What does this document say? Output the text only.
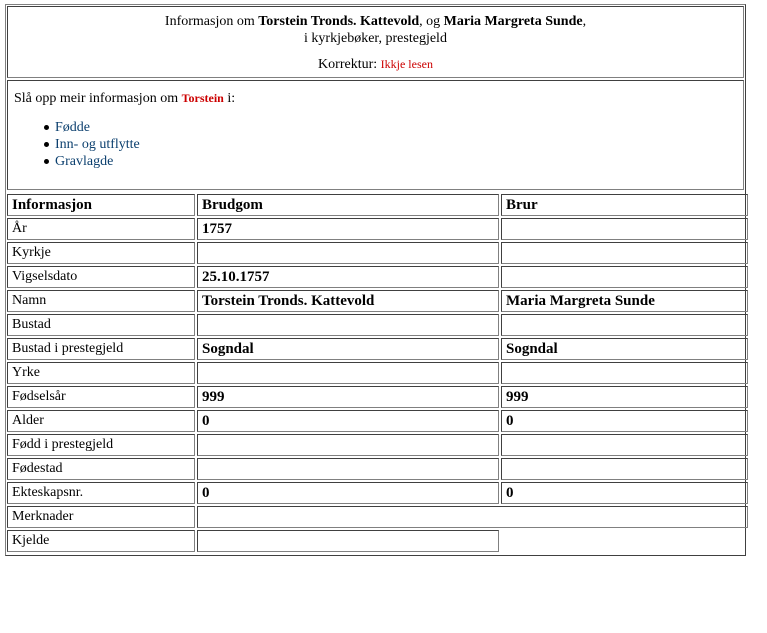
Informasjon om Torstein Tronds. Kattevold, og Maria Margreta Sunde,
i kyrkjebøker, prestegjeld
Korrektur: Ikkje lesen
Slå opp meir informasjon om Torstein i:
Fødde
Inn- og utflytte
Gravlagde
Informasjon	Brudgom	Brur
År	1757	
Kyrkje		
Vigselsdato	25.10.1757	
Namn	Torstein Tronds. Kattevold	Maria Margreta Sunde
Bustad		
Bustad i prestegjeld	Sogndal	Sogndal
Yrke		
Fødselsår	999	999
Alder	0	0
Fødd i prestegjeld		
Fødestad		
Ekteskapsnr.	0	0
Merknader		
Kjelde		
